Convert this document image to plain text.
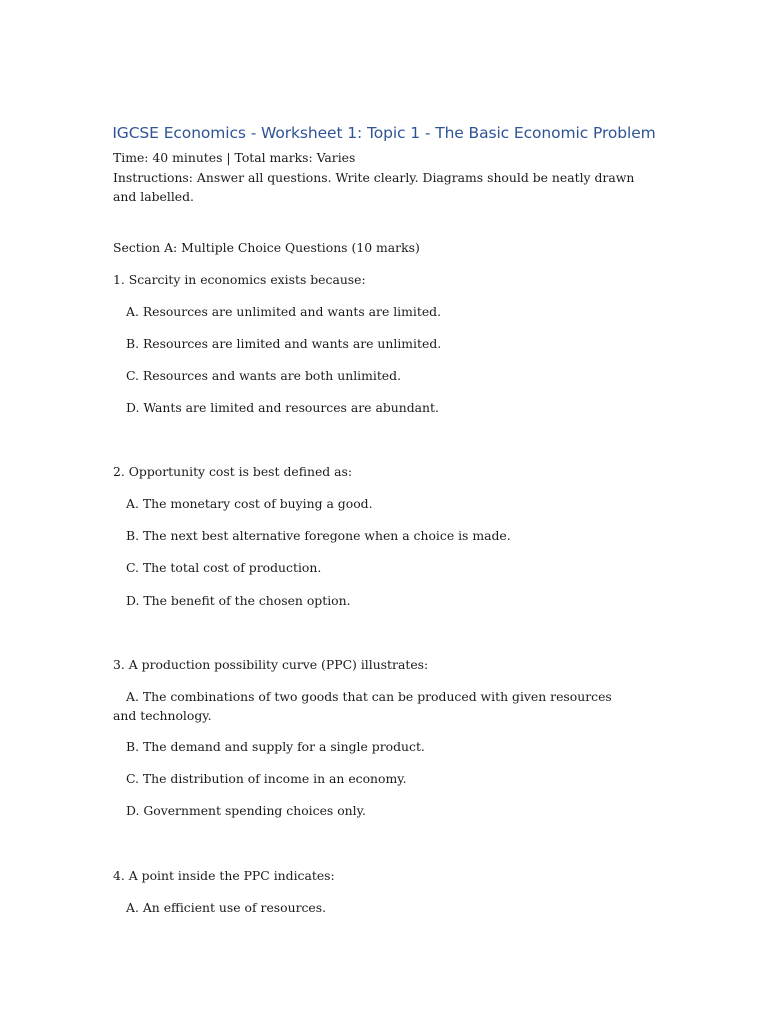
IGCSE Economics - Worksheet 1: Topic 1 - The Basic Economic Problem
Time: 40 minutes | Total marks: Varies
Instructions: Answer all questions. Write clearly. Diagrams should be neatly drawn and labelled.
Section A: Multiple Choice Questions (10 marks)
1. Scarcity in economics exists because:
A. Resources are unlimited and wants are limited.
B. Resources are limited and wants are unlimited.
C. Resources and wants are both unlimited.
D. Wants are limited and resources are abundant.
2. Opportunity cost is best defined as:
A. The monetary cost of buying a good.
B. The next best alternative foregone when a choice is made.
C. The total cost of production.
D. The benefit of the chosen option.
3. A production possibility curve (PPC) illustrates:
A. The combinations of two goods that can be produced with given resources and technology.
B. The demand and supply for a single product.
C. The distribution of income in an economy.
D. Government spending choices only.
4. A point inside the PPC indicates:
A. An efficient use of resources.
